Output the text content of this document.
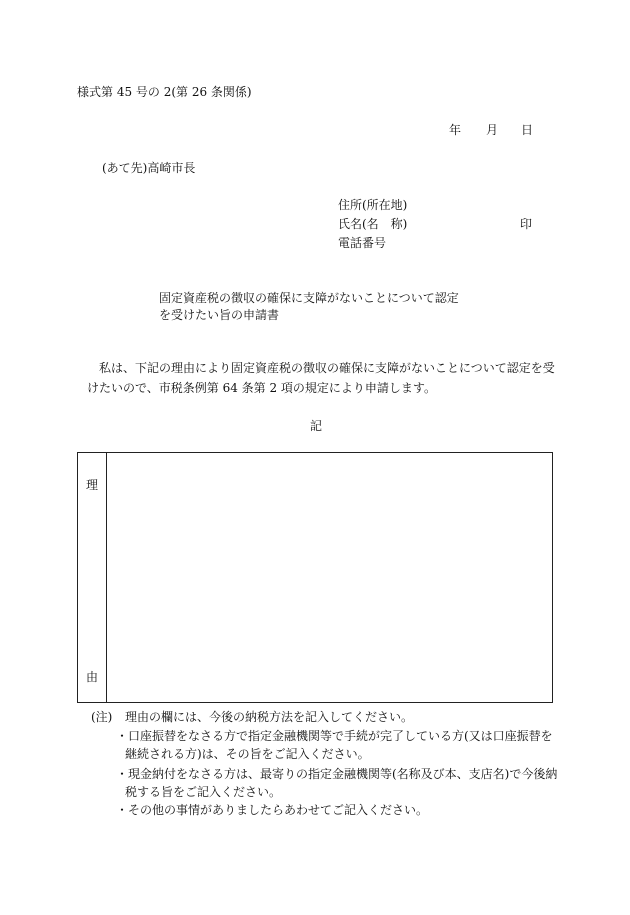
様式第 45 号の 2(第 26 条関係)
年 月 日
(あて先)高崎市長
住所(所在地)
氏名(名　称)	印
電話番号
固定資産税の徴収の確保に支障がないことについて認定
を受けたい旨の申請書
私は、下記の理由により固定資産税の徴収の確保に支障がないことについて認定を受
けたいので、市税条例第 64 条第 2 項の規定により申請します。
記
理
由
(注) 理由の欄には、今後の納税方法を記入してください。
・口座振替をなさる方で指定金融機関等で手続が完了している方(又は口座振替を
継続される方)は、その旨をご記入ください。
・現金納付をなさる方は、最寄りの指定金融機関等(名称及び本、支店名)で今後納
税する旨をご記入ください。
・その他の事情がありましたらあわせてご記入ください。
